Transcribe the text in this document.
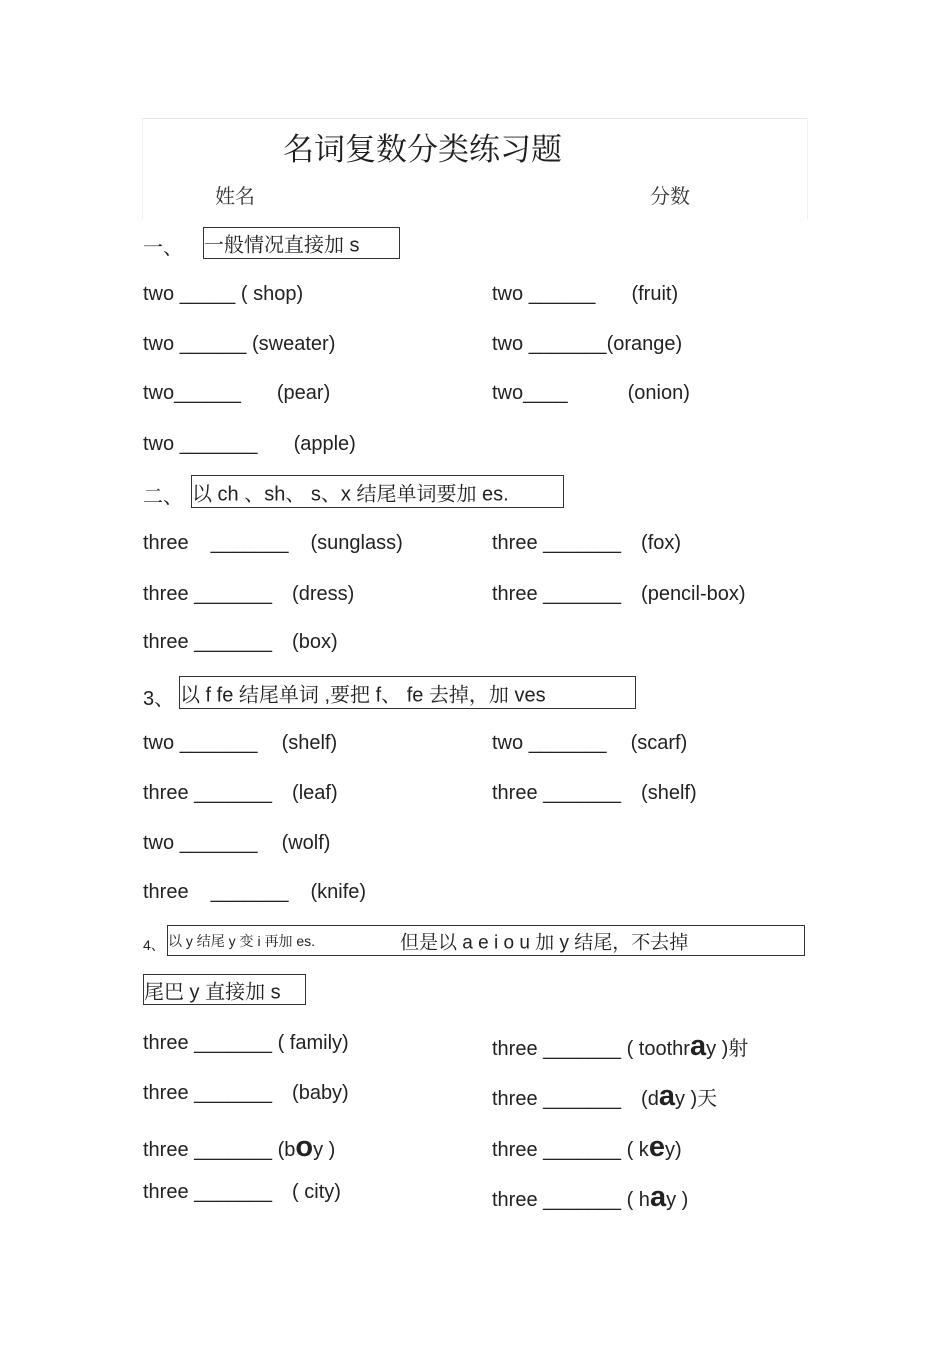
名词复数分类练习题
姓名	分数
一、 一般情况直接加 s
two _____ ( shop)	two ______ (fruit)
two ______ (sweater)	two _______(orange)
two______ (pear)	two____	(onion)
two _______ (apple)
二、 以 ch 、sh、 s、x 结尾单词要加 es.
three _______ (sunglass)	three _______ (fox)
three _______ (dress)	three _______ (pencil-box)
three _______ (box)
3、 以 f fe 结尾单词 ,要把 f、 fe 去掉，加 ves
two _______ (shelf)	two _______ (scarf)
three _______ (leaf)	three _______ (shelf)
two _______ (wolf)
three _______ (knife)
4、 以 y 结尾 y 变 i 再加 es.	但是以 a e i o u 加 y 结尾，不去掉
尾巴 y 直接加 s
three _______ ( family)	three _______ ( toothray )射
three _______ (baby)	three _______ (day )天
three _______ (boy )	three _______ ( key)
three _______ ( city)	three _______ ( hay )
